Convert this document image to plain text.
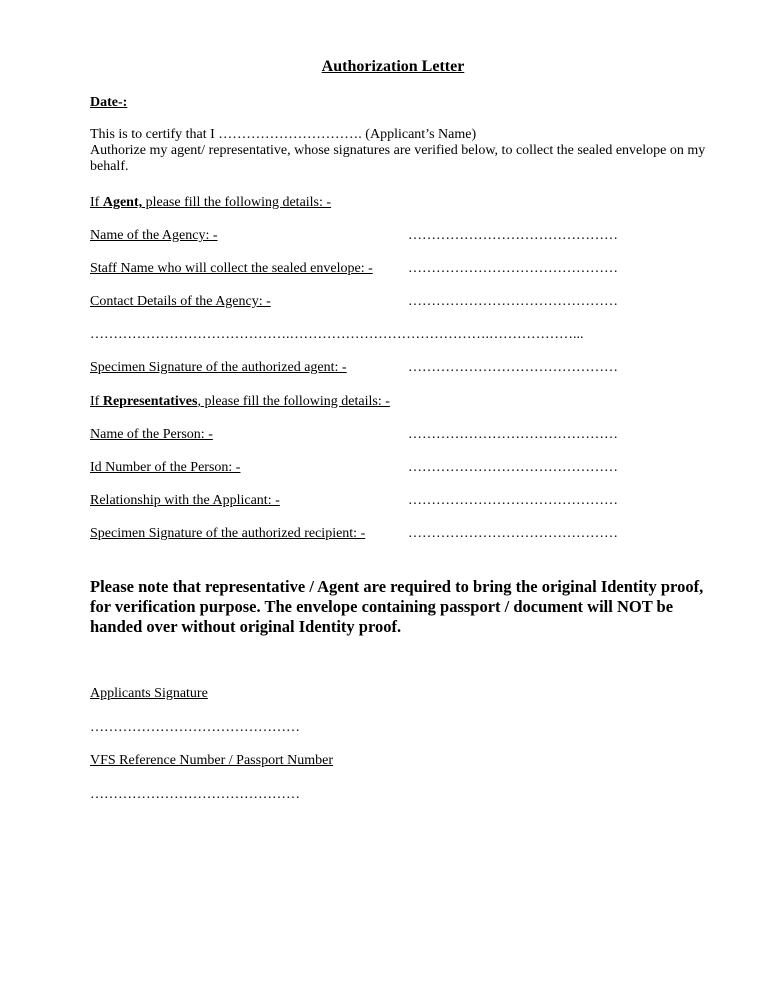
Authorization Letter
Date-:
This is to certify that I …………………………. (Applicant’s Name)
Authorize my agent/ representative, whose signatures are verified below, to collect the sealed envelope on my behalf.
If Agent, please fill the following details: -
Name of the Agency: -	………………………………………
Staff Name who will collect the sealed envelope: -	………………………………………
Contact Details of the Agency: -	………………………………………
…………………………………….…………………………………….………………...
Specimen Signature of the authorized agent: -	………………………………………
If Representatives, please fill the following details: -
Name of the Person: -	………………………………………
Id Number of the Person: -	………………………………………
Relationship with the Applicant: -	………………………………………
Specimen Signature of the authorized recipient: -	………………………………………
Please note that representative / Agent are required to bring the original Identity proof, for verification purpose. The envelope containing passport / document will NOT be handed over without original Identity proof.
Applicants Signature
………………………………………
VFS Reference Number / Passport Number
………………………………………
